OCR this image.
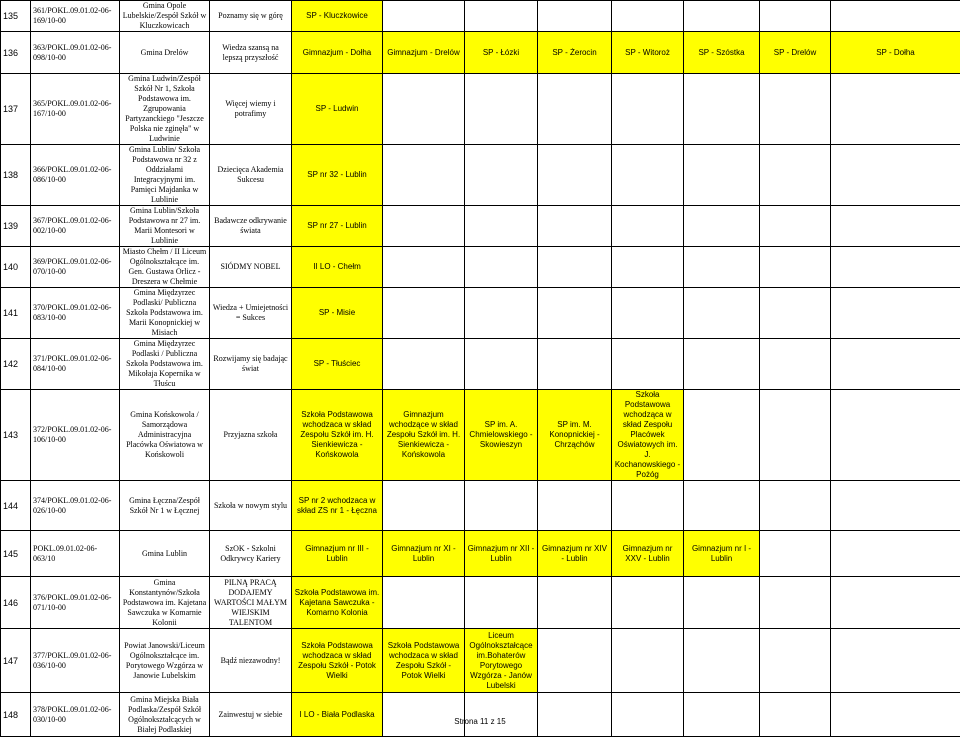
135	361/POKL.09.01.02-06-169/10-00	Gmina Opole Lubelskie/Zespół Szkół w Kluczkowicach	Poznamy się w górę	SP - Kluczkowice							
136	363/POKL.09.01.02-06-098/10-00	Gmina Drelów	Wiedza szansą na lepszą przyszłość	Gimnazjum - Dołha	Gimnazjum - Drelów	SP - Łózki	SP - Żerocin	SP - Witoroż	SP - Szóstka	SP - Drelów	SP - Dołha
137	365/POKL.09.01.02-06-167/10-00	Gmina Ludwin/Zespół Szkół Nr 1, Szkoła Podstawowa im. Zgrupowania Partyzanckiego "Jeszcze Polska nie zginęła" w Ludwinie	Więcej wiemy i potrafimy	SP - Ludwin							
138	366/POKL.09.01.02-06-086/10-00	Gmina Lublin/ Szkoła Podstawowa nr 32 z Oddziałami Integracyjnymi im. Pamięci Majdanka w Lublinie	Dziecięca Akademia Sukcesu	SP nr 32 - Lublin							
139	367/POKL.09.01.02-06-002/10-00	Gmina Lublin/Szkoła Podstawowa nr 27 im. Marii Montesori w Lublinie	Badawcze odkrywanie świata	SP nr 27 - Lublin							
140	369/POKL.09.01.02-06-070/10-00	Miasto Chełm / II Liceum Ogólnokształcące im. Gen. Gustawa Orlicz - Dreszera w Chełmie	SIÓDMY NOBEL	II LO - Chełm							
141	370/POKL.09.01.02-06-083/10-00	Gmina Międzyrzec Podlaski/ Publiczna Szkoła Podstawowa im. Marii Konopnickiej w Misiach	Wiedza + Umiejetności = Sukces	SP - Misie							
142	371/POKL.09.01.02-06-084/10-00	Gmina Międzyrzec Podlaski / Publiczna Szkoła Podstawowa im. Mikołaja Kopernika w Tłuścu	Rozwijamy się badając świat	SP - Tłuściec							
143	372/POKL.09.01.02-06-106/10-00	Gmina Końskowola / Samorządowa Administracyjna Placówka Oświatowa w Końskowoli	Przyjazna szkoła	Szkoła Podstawowa wchodzaca w skład Zespołu Szkół im. H. Sienkiewicza - Końskowola	Gimnazjum wchodzące w skład Zespołu Szkół im. H. Sienkiewicza - Końskowola	SP im. A. Chmielowskiego - Skowieszyn	SP im. M. Konopnickiej - Chrząchów	Szkoła Podstawowa wchodząca w skład Zespołu Placówek Oświatowych im. J. Kochanowskiego - Pożóg			
144	374/POKL.09.01.02-06-026/10-00	Gmina Łęczna/Zespół Szkół Nr 1 w Łęcznej	Szkoła w nowym stylu	SP nr 2 wchodzaca w skład ZS nr 1 - Łęczna							
145	POKL.09.01.02-06-063/10	Gmina Lublin	SzOK - Szkolni Odkrywcy Kariery	Gimnazjum nr III - Lublin	Gimnazjum nr XI - Lublin	Gimnazjum nr XII - Lublin	Gimnazjum nr XIV - Lublin	Gimnazjum nr XXV - Lublin	Gimnazjum nr I - Lublin		
146	376/POKL.09.01.02-06-071/10-00	Gmina Konstantynów/Szkoła Podstawowa im. Kajetana Sawczuka w Komarnie Kolonii	PILNĄ PRACĄ DODAJEMY WARTOŚCI MAŁYM WIEJSKIM TALENTOM	Szkoła Podstawowa im. Kajetana Sawczuka - Komarno Kolonia							
147	377/POKL.09.01.02-06-036/10-00	Powiat Janowski/Liceum Ogólnokształcące im. Porytowego Wzgórza w Janowie Lubelskim	Bądź niezawodny!	Szkoła Podstawowa wchodzaca w skład Zespołu Szkół - Potok Wielki	Szkoła Podstawowa wchodzaca w skład Zespołu Szkół - Potok Wielki	Liceum Ogólnokształcące im.Bohaterów Porytowego Wzgórza - Janów Lubelski					
148	378/POKL.09.01.02-06-030/10-00	Gmina Miejska Biała Podlaska/Zespół Szkół Ogólnokształcących w Białej Podlaskiej	Zainwestuj w siebie	I LO - Biała Podlaska							
Strona 11 z 15
